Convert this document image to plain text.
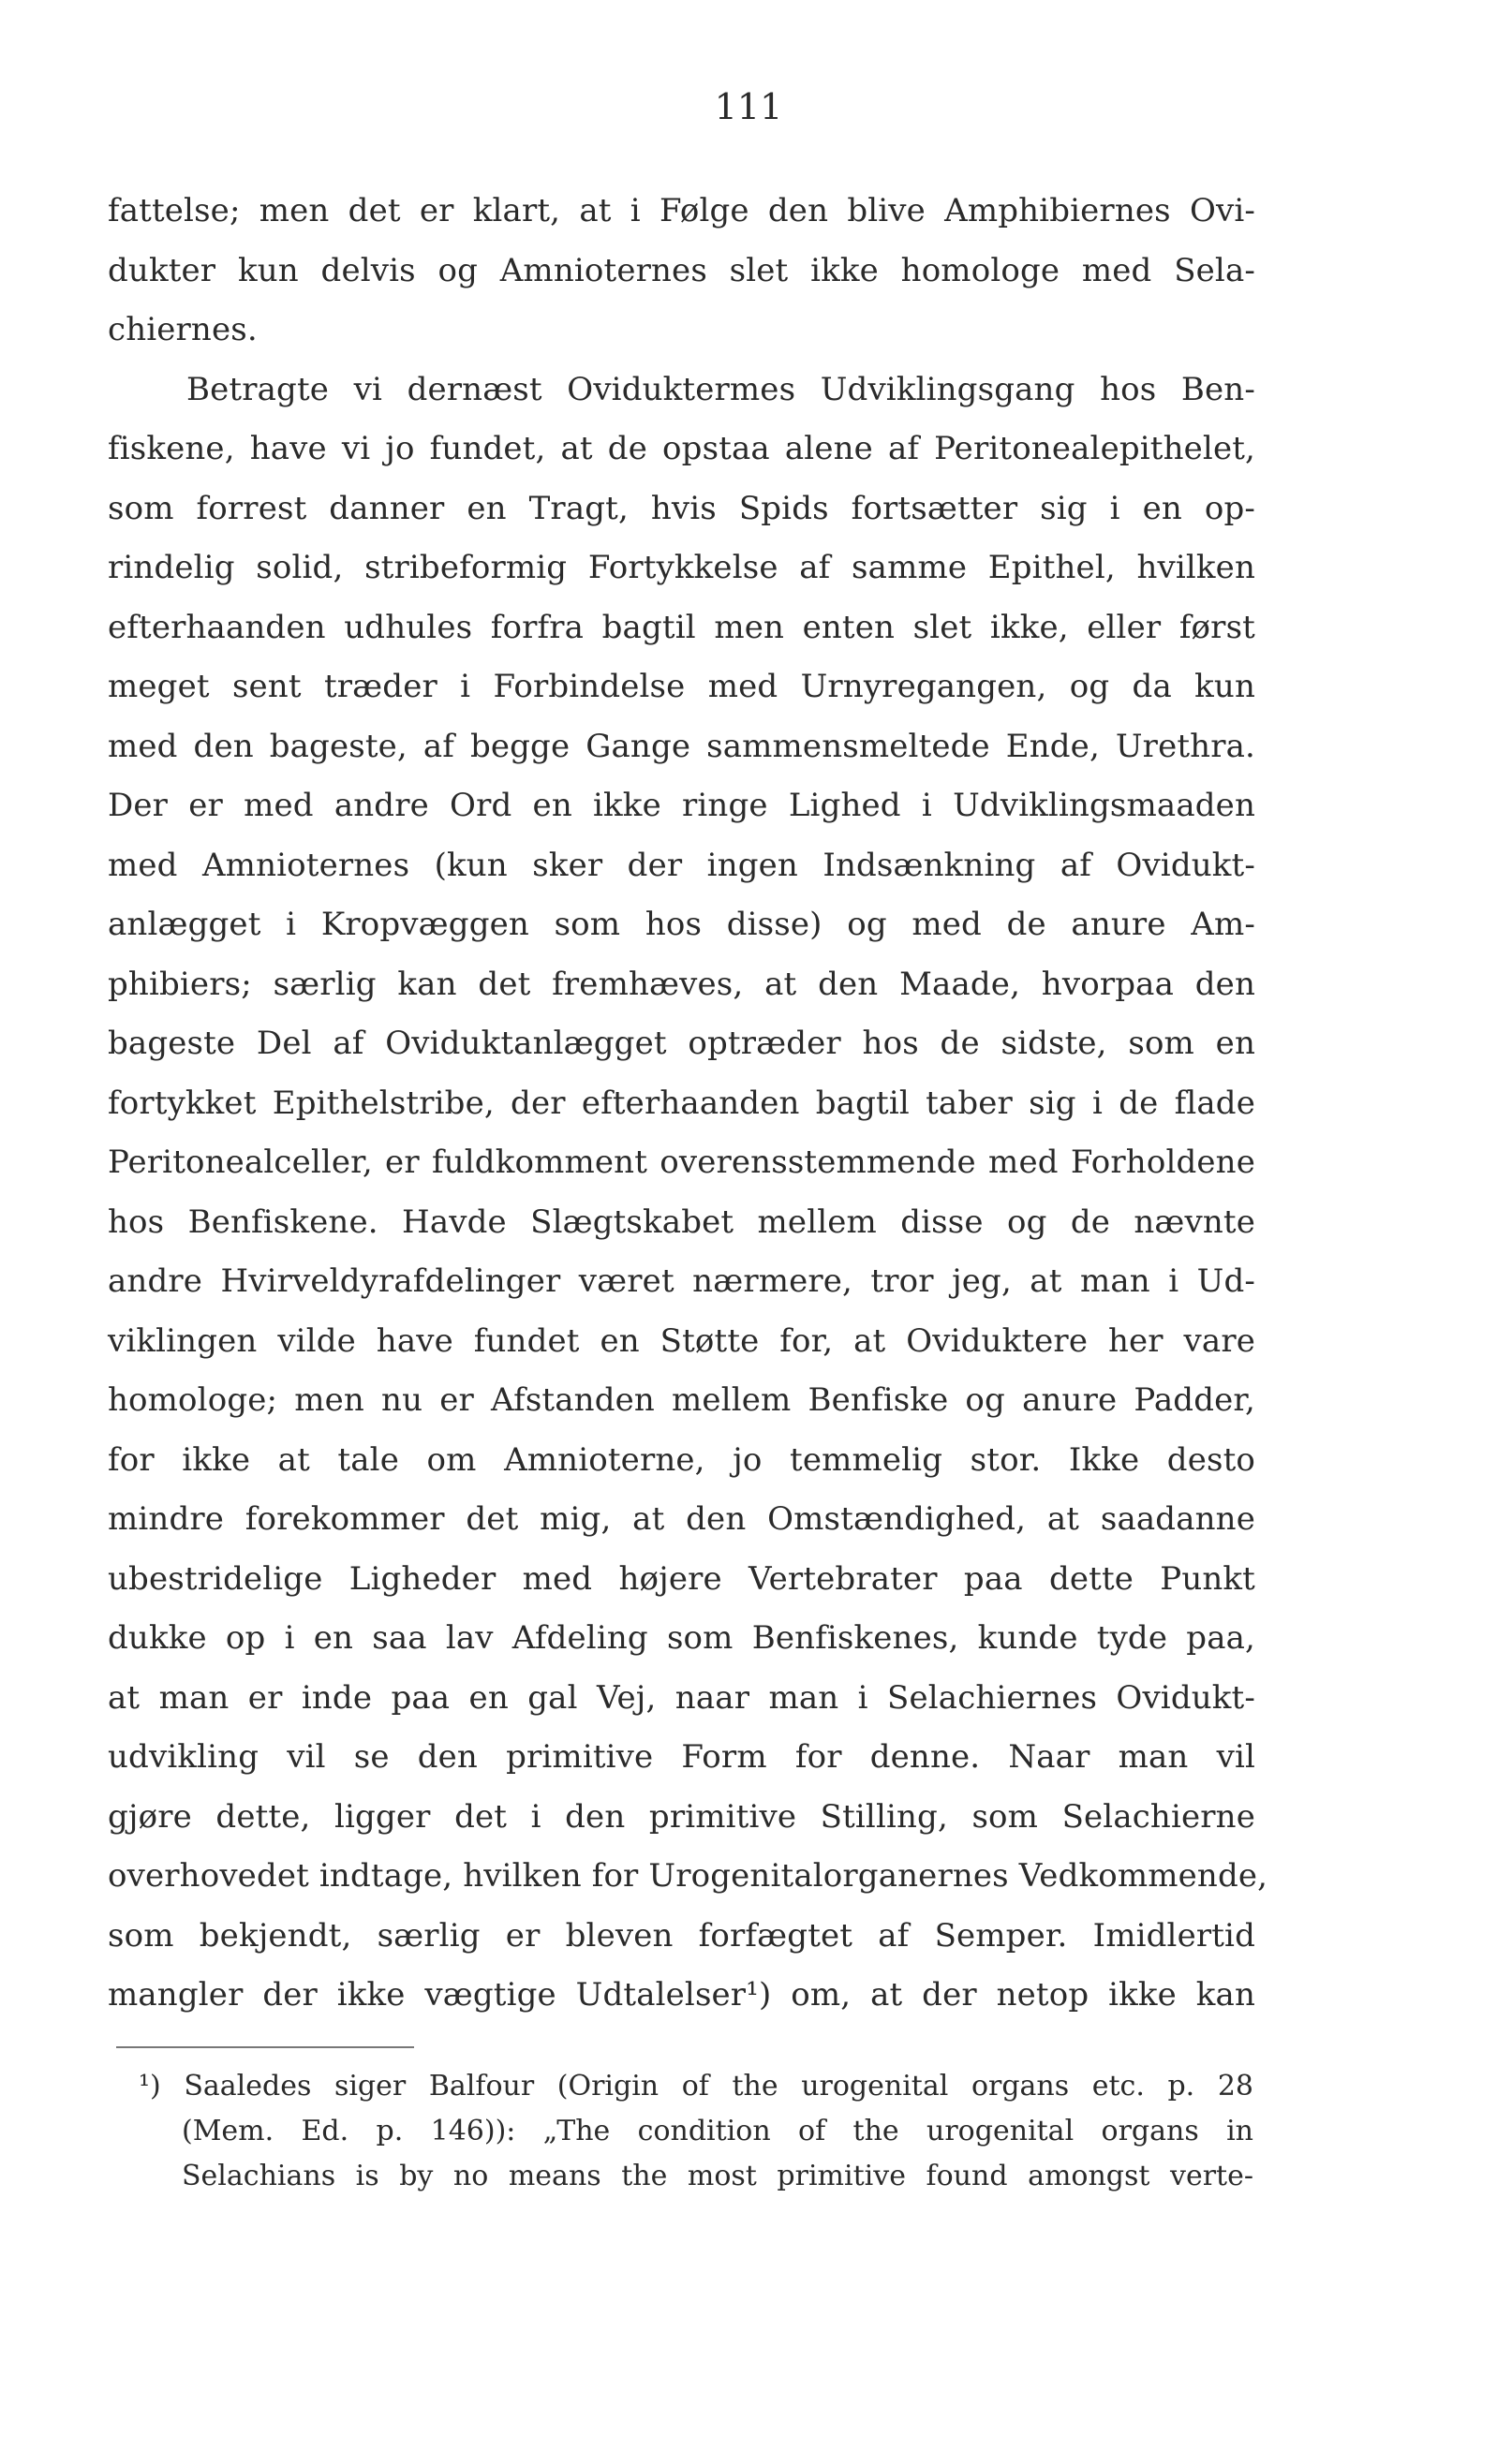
111
fattelse; men det er klart, at i Følge den blive Amphibiernes Ovi-
dukter kun delvis og Amnioternes slet ikke homologe med Sela-
chiernes.
Betragte vi dernæst Oviduktermes Udviklingsgang hos Ben-
fiskene, have vi jo fundet, at de opstaa alene af Peritonealepithelet,
som forrest danner en Tragt, hvis Spids fortsætter sig i en op-
rindelig solid, stribeformig Fortykkelse af samme Epithel, hvilken
efterhaanden udhules forfra bagtil men enten slet ikke, eller først
meget sent træder i Forbindelse med Urnyregangen, og da kun
med den bageste, af begge Gange sammensmeltede Ende, Urethra.
Der er med andre Ord en ikke ringe Lighed i Udviklingsmaaden
med Amnioternes (kun sker der ingen Indsænkning af Ovidukt-
anlægget i Kropvæggen som hos disse) og med de anure Am-
phibiers; særlig kan det fremhæves, at den Maade, hvorpaa den
bageste Del af Oviduktanlægget optræder hos de sidste, som en
fortykket Epithelstribe, der efterhaanden bagtil taber sig i de flade
Peritonealceller, er fuldkomment overensstemmende med Forholdene
hos Benfiskene. Havde Slægtskabet mellem disse og de nævnte
andre Hvirveldyrafdelinger været nærmere, tror jeg, at man i Ud-
viklingen vilde have fundet en Støtte for, at Oviduktere her vare
homologe; men nu er Afstanden mellem Benfiske og anure Padder,
for ikke at tale om Amnioterne, jo temmelig stor. Ikke desto
mindre forekommer det mig, at den Omstændighed, at saadanne
ubestridelige Ligheder med højere Vertebrater paa dette Punkt
dukke op i en saa lav Afdeling som Benfiskenes, kunde tyde paa,
at man er inde paa en gal Vej, naar man i Selachiernes Ovidukt-
udvikling vil se den primitive Form for denne. Naar man vil
gjøre dette, ligger det i den primitive Stilling, som Selachierne
overhovedet indtage, hvilken for Urogenitalorganernes Vedkommende,
som bekjendt, særlig er bleven forfægtet af Semper. Imidlertid
mangler der ikke vægtige Udtalelser¹) om, at der netop ikke kan
¹) Saaledes siger Balfour (Origin of the urogenital organs etc. p. 28
(Mem. Ed. p. 146)): „The condition of the urogenital organs in
Selachians is by no means the most primitive found amongst verte-
